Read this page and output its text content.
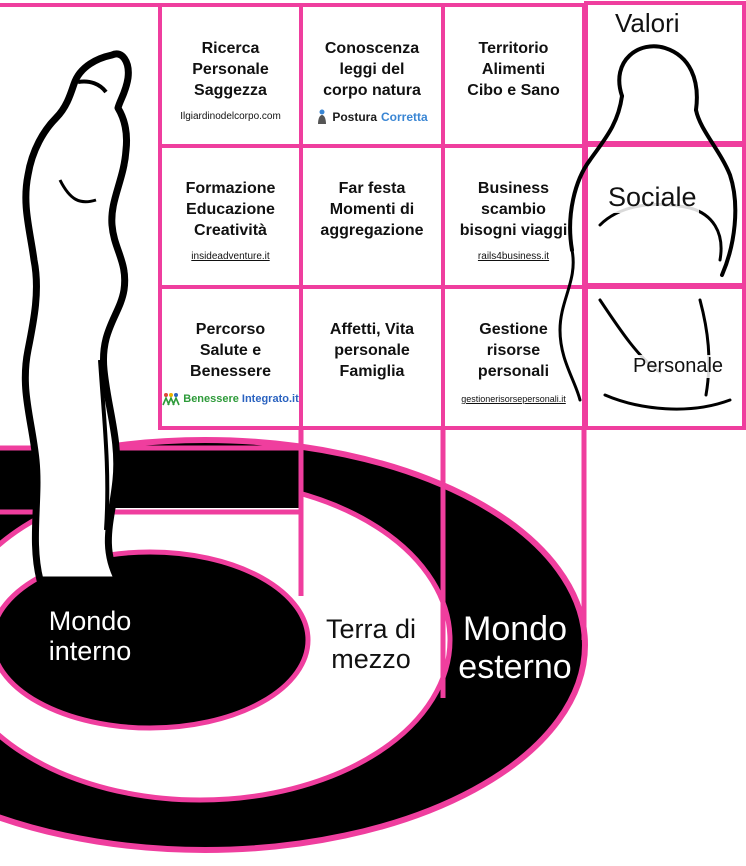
Ricerca
Personale
Saggezza
Ilgiardinodelcorpo.com
Conoscenza
leggi del
corpo natura
Postura Corretta
Territorio
Alimenti
Cibo e Sano
Formazione
Educazione
Creatività
insideadventure.it
Far festa
Momenti di
aggregazione
Business
scambio
bisogni viaggi
rails4business.it
Percorso
Salute e
Benessere
Benessere Integrato.it
Affetti, Vita
personale
Famiglia
Gestione
risorse
personali
gestionerisorsepersonali.it
Valori
Sociale
Personale
Mondo
interno
Terra di
mezzo
Mondo
esterno
